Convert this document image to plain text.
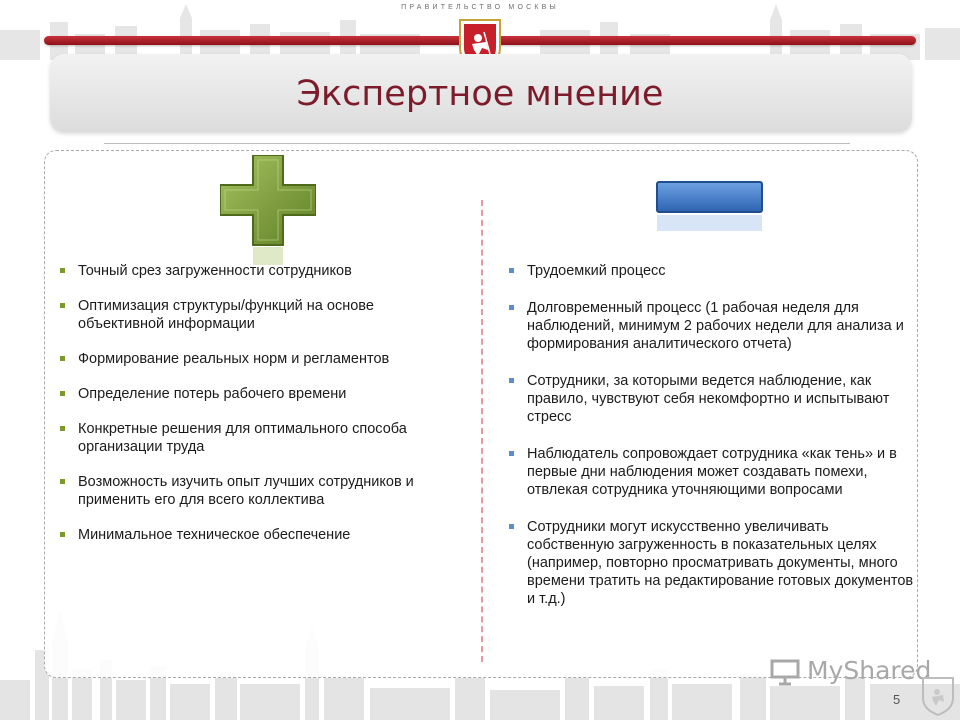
ПРАВИТЕЛЬСТВО МОСКВЫ
Экспертное мнение
Точный срез загруженности сотрудников
Оптимизация структуры/функций на основе объективной информации
Формирование реальных норм и регламентов
Определение потерь рабочего времени
Конкретные решения для оптимального способа организации труда
Возможность изучить опыт лучших сотрудников и применить его для всего коллектива
Минимальное техническое обеспечение
Трудоемкий процесс
Долговременный процесс (1 рабочая неделя для наблюдений, минимум 2 рабочих недели для анализа и формирования аналитического отчета)
Сотрудники, за которыми ведется наблюдение, как правило, чувствуют себя некомфортно и испытывают стресс
Наблюдатель сопровождает сотрудника «как тень» и в первые дни наблюдения может создавать помехи, отвлекая сотрудника уточняющими вопросами
Сотрудники могут искусственно увеличивать собственную загруженность в показательных целях (например, повторно просматривать документы, много времени тратить на редактирование готовых документов и т.д.)
MyShared
5
